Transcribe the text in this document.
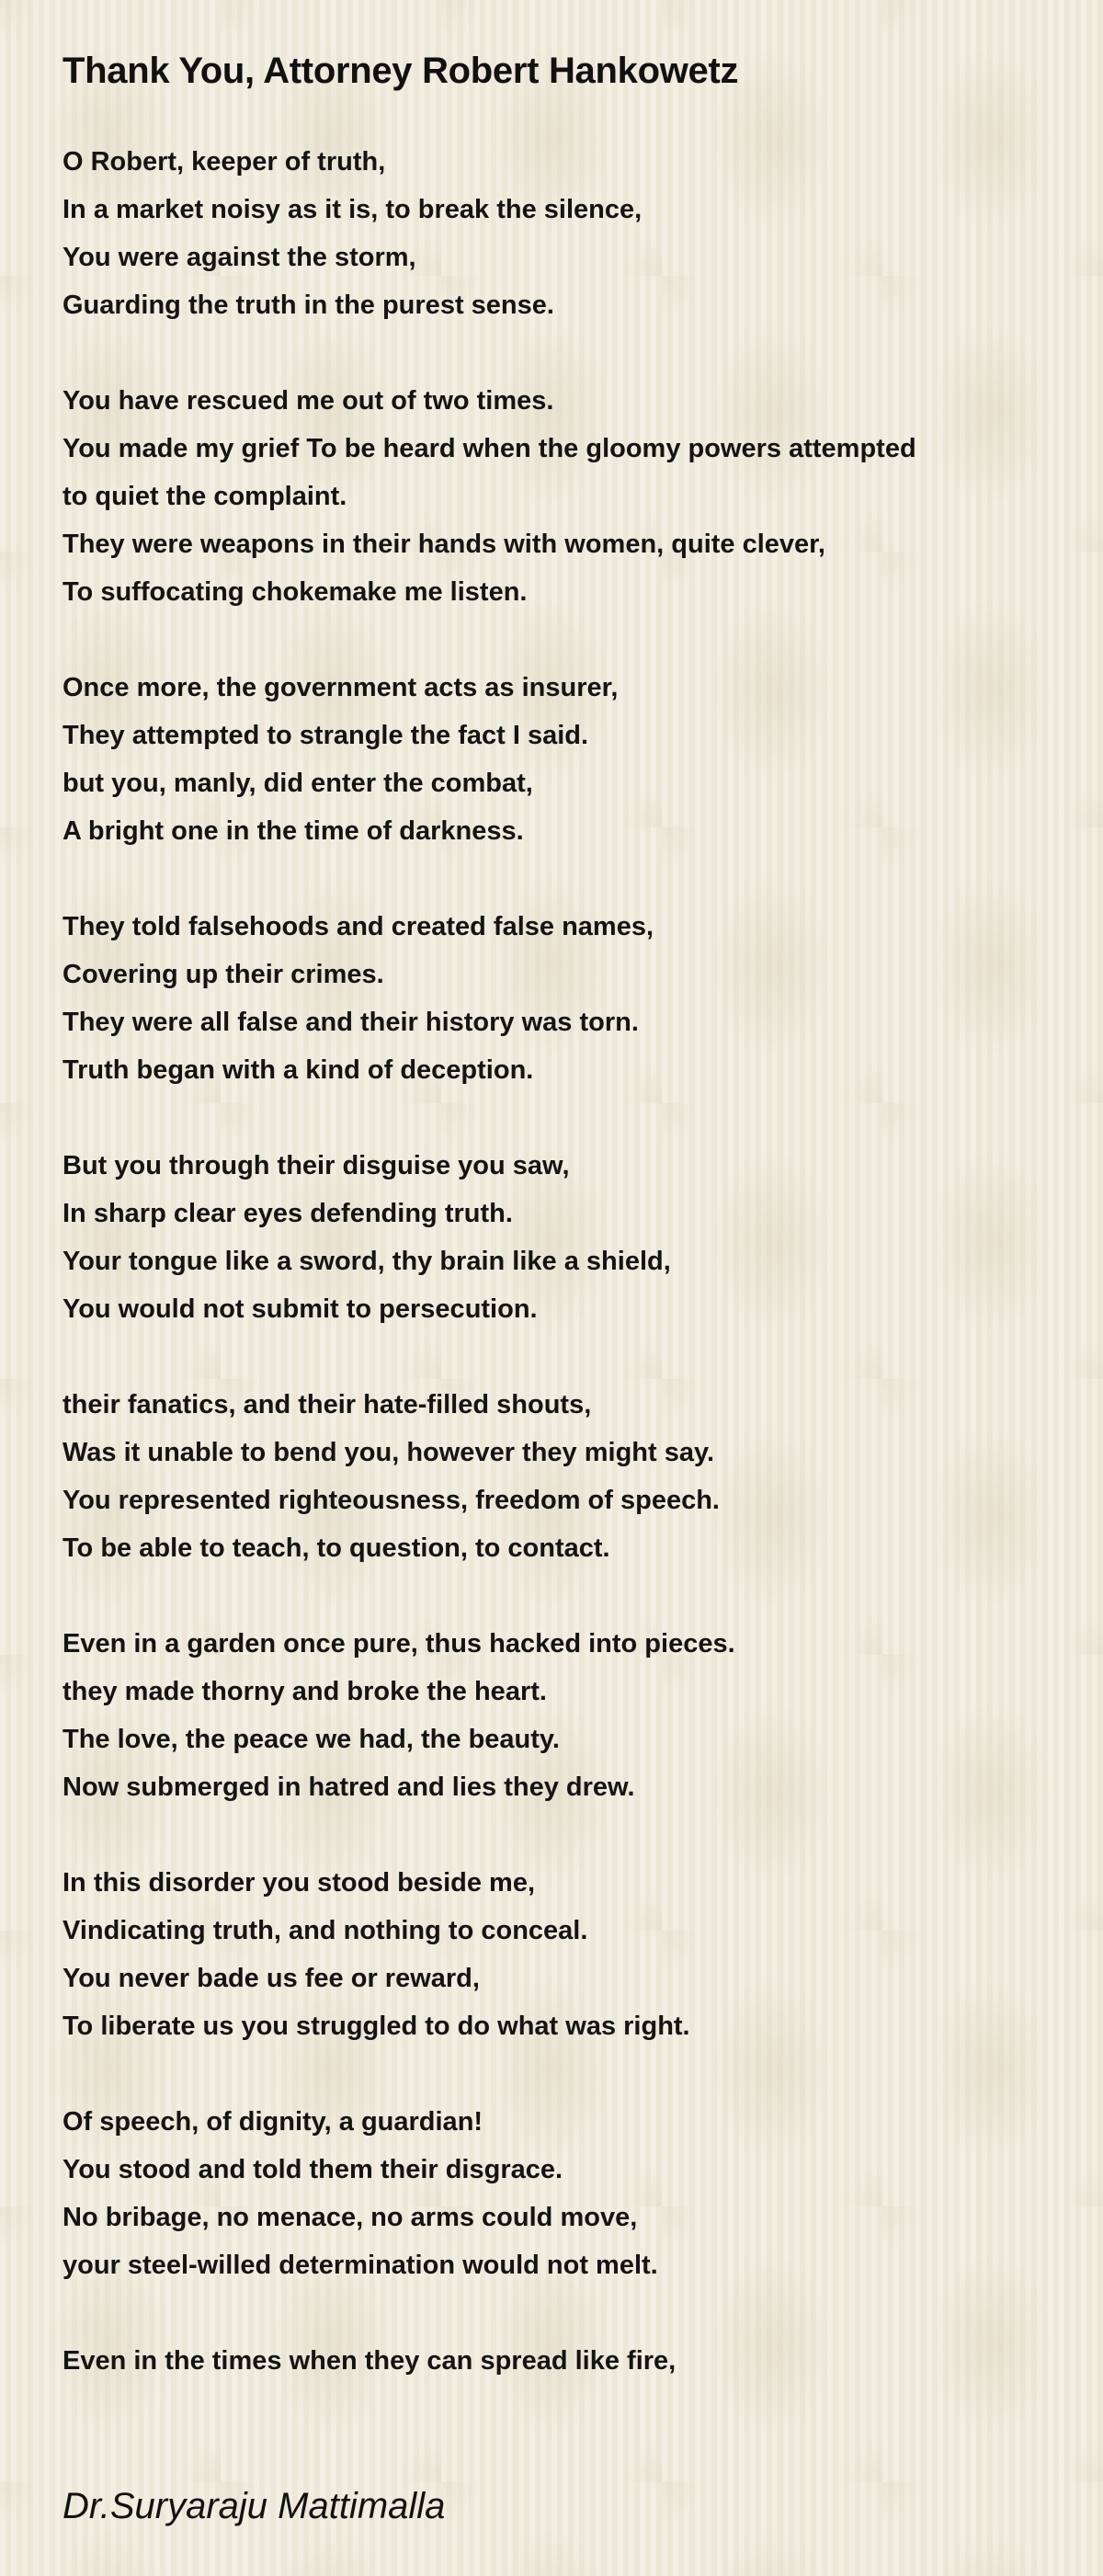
Thank You, Attorney Robert Hankowetz
O Robert, keeper of truth,
In a market noisy as it is, to break the silence,
You were against the storm,
Guarding the truth in the purest sense.
You have rescued me out of two times.
You made my grief To be heard when the gloomy powers attempted
to quiet the complaint.
They were weapons in their hands with women, quite clever,
To suffocating chokemake me listen.
Once more, the government acts as insurer,
They attempted to strangle the fact I said.
but you, manly, did enter the combat,
A bright one in the time of darkness.
They told falsehoods and created false names,
Covering up their crimes.
They were all false and their history was torn.
Truth began with a kind of deception.
But you through their disguise you saw,
In sharp clear eyes defending truth.
Your tongue like a sword, thy brain like a shield,
You would not submit to persecution.
their fanatics, and their hate-filled shouts,
Was it unable to bend you, however they might say.
You represented righteousness, freedom of speech.
To be able to teach, to question, to contact.
Even in a garden once pure, thus hacked into pieces.
they made thorny and broke the heart.
The love, the peace we had, the beauty.
Now submerged in hatred and lies they drew.
In this disorder you stood beside me,
Vindicating truth, and nothing to conceal.
You never bade us fee or reward,
To liberate us you struggled to do what was right.
Of speech, of dignity, a guardian!
You stood and told them their disgrace.
No bribage, no menace, no arms could move,
your steel-willed determination would not melt.
Even in the times when they can spread like fire,
Dr.Suryaraju Mattimalla
